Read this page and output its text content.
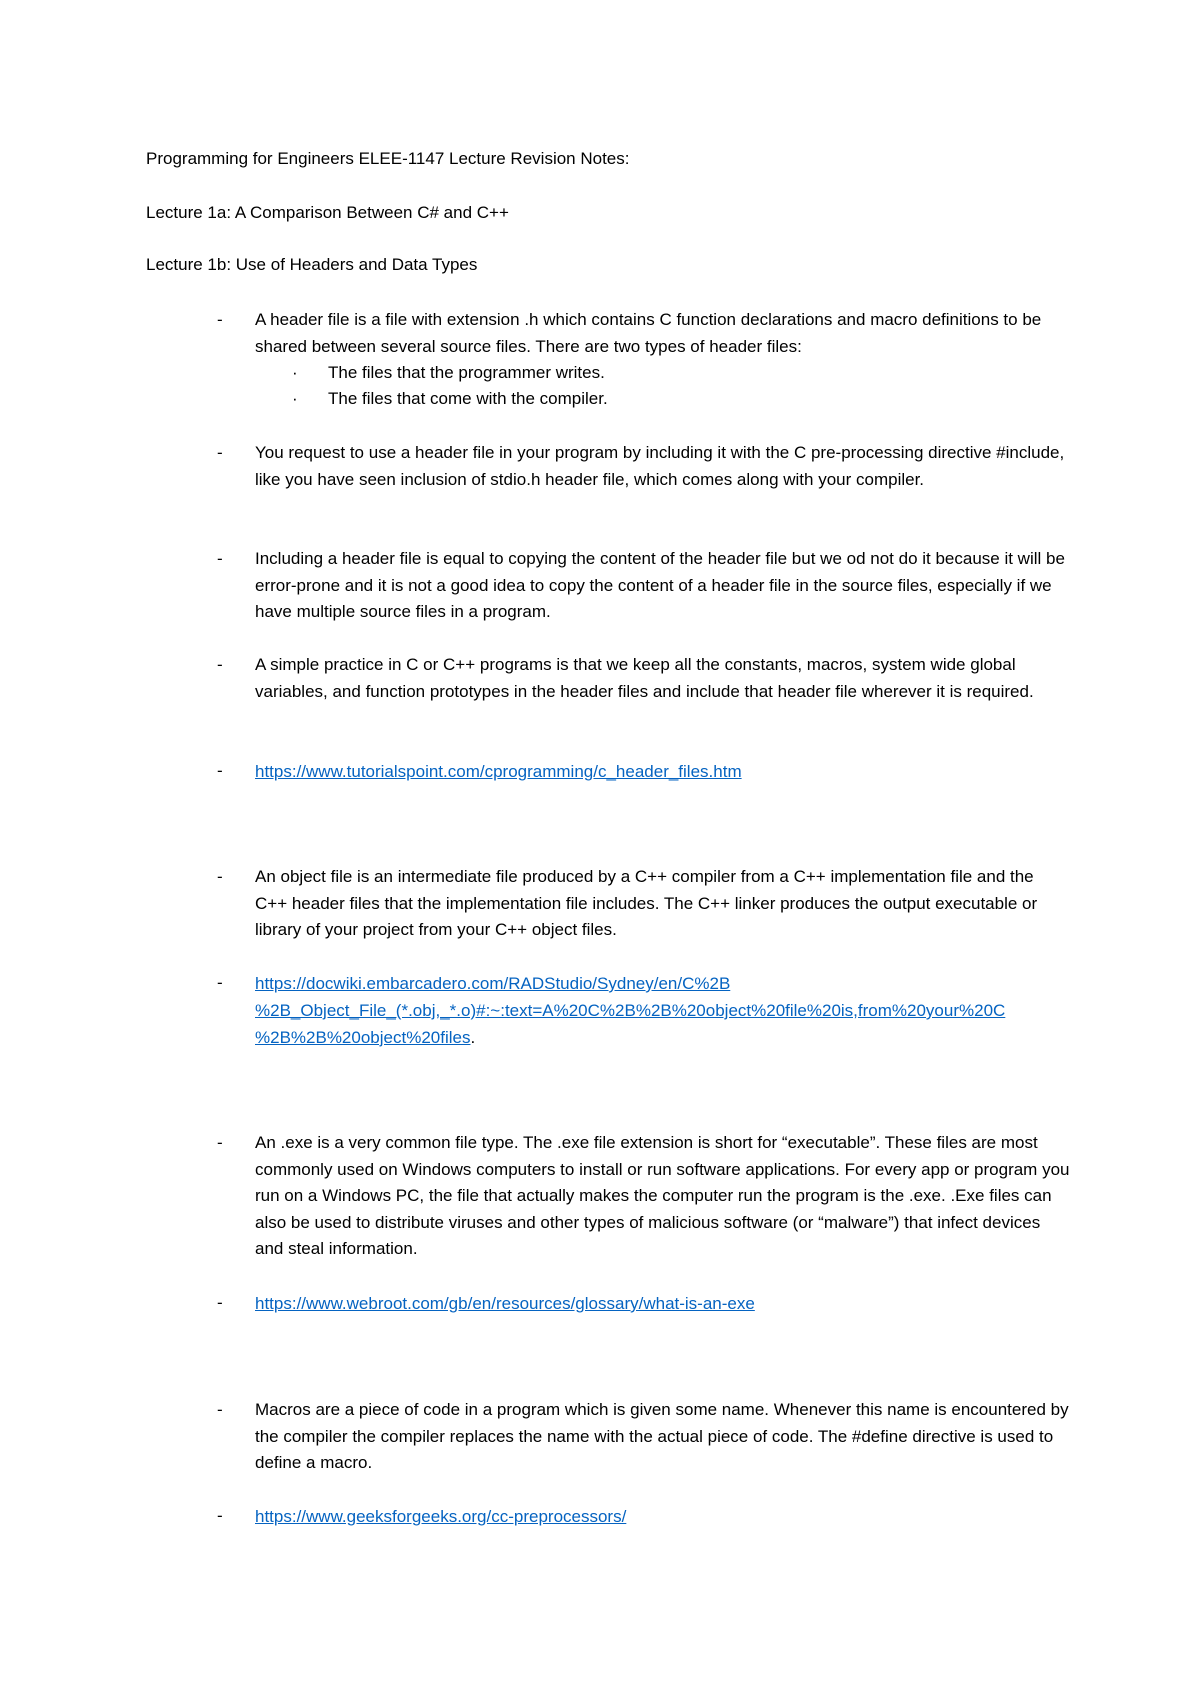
Programming for Engineers ELEE-1147 Lecture Revision Notes:
Lecture 1a: A Comparison Between C# and C++
Lecture 1b: Use of Headers and Data Types
-	A header file is a file with extension .h which contains C function declarations and macro definitions to be shared between several source files. There are two types of header files:
· The files that the programmer writes.
· The files that come with the compiler.
-	You request to use a header file in your program by including it with the C pre-processing directive #include, like you have seen inclusion of stdio.h header file, which comes along with your compiler.
-	Including a header file is equal to copying the content of the header file but we od not do it because it will be error-prone and it is not a good idea to copy the content of a header file in the source files, especially if we have multiple source files in a program.
-	A simple practice in C or C++ programs is that we keep all the constants, macros, system wide global variables, and function prototypes in the header files and include that header file wherever it is required.
-	https://www.tutorialspoint.com/cprogramming/c_header_files.htm
-	An object file is an intermediate file produced by a C++ compiler from a C++ implementation file and the C++ header files that the implementation file includes. The C++ linker produces the output executable or library of your project from your C++ object files.
-	https://docwiki.embarcadero.com/RADStudio/Sydney/en/C%2B
%2B_Object_File_(*.obj,_*.o)#:~:text=A%20C%2B%2B%20object%20file%20is,from%20your%20C
%2B%2B%20object%20files.
-	An .exe is a very common file type. The .exe file extension is short for “executable”. These files are most commonly used on Windows computers to install or run software applications. For every app or program you run on a Windows PC, the file that actually makes the computer run the program is the .exe. .Exe files can also be used to distribute viruses and other types of malicious software (or “malware”) that infect devices and steal information.
-	https://www.webroot.com/gb/en/resources/glossary/what-is-an-exe
-	Macros are a piece of code in a program which is given some name. Whenever this name is encountered by the compiler the compiler replaces the name with the actual piece of code. The #define directive is used to define a macro.
-	https://www.geeksforgeeks.org/cc-preprocessors/
